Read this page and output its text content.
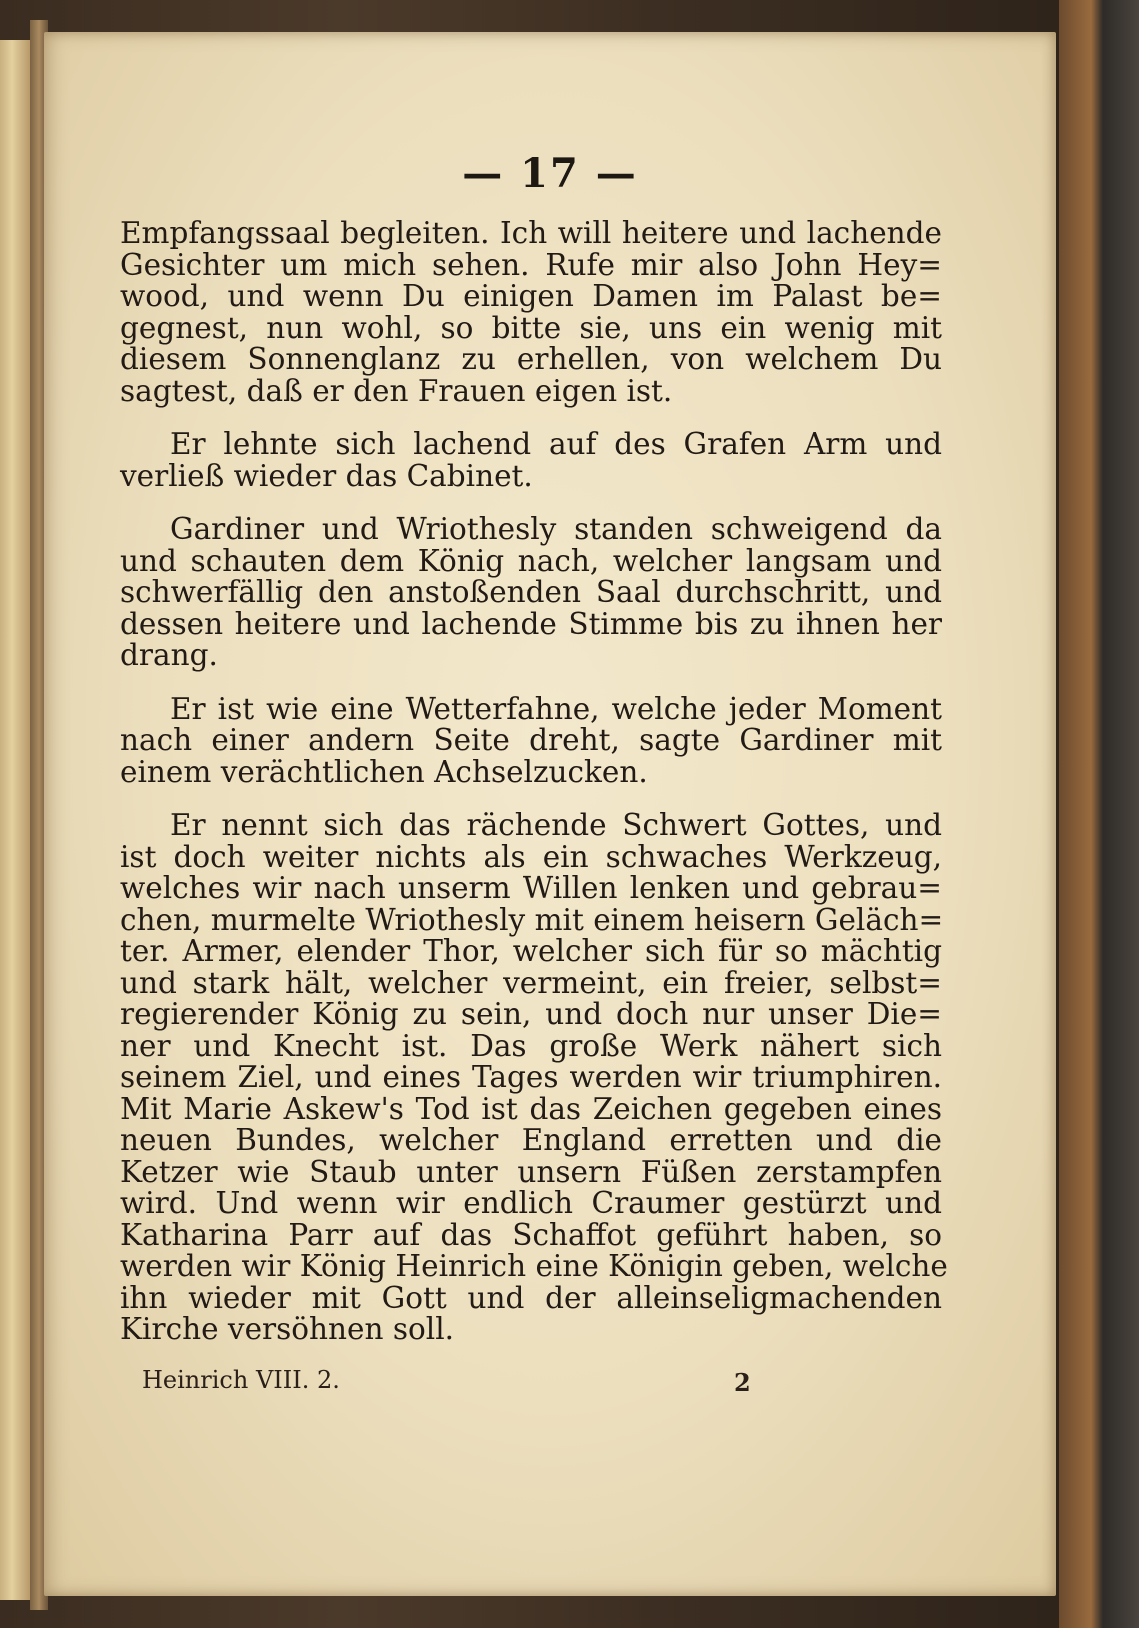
— 17 —
Empfangssaal begleiten. Ich will heitere und lachende
Gesichter um mich sehen. Rufe mir also John Hey=
wood, und wenn Du einigen Damen im Palast be=
gegnest, nun wohl, so bitte sie, uns ein wenig mit
diesem Sonnenglanz zu erhellen, von welchem Du
sagtest, daß er den Frauen eigen ist.
Er lehnte sich lachend auf des Grafen Arm und
verließ wieder das Cabinet.
Gardiner und Wriothesly standen schweigend da
und schauten dem König nach, welcher langsam und
schwerfällig den anstoßenden Saal durchschritt, und
dessen heitere und lachende Stimme bis zu ihnen her
drang.
Er ist wie eine Wetterfahne, welche jeder Moment
nach einer andern Seite dreht, sagte Gardiner mit
einem verächtlichen Achselzucken.
Er nennt sich das rächende Schwert Gottes, und
ist doch weiter nichts als ein schwaches Werkzeug,
welches wir nach unserm Willen lenken und gebrau=
chen, murmelte Wriothesly mit einem heisern Geläch=
ter. Armer, elender Thor, welcher sich für so mächtig
und stark hält, welcher vermeint, ein freier, selbst=
regierender König zu sein, und doch nur unser Die=
ner und Knecht ist. Das große Werk nähert sich
seinem Ziel, und eines Tages werden wir triumphiren.
Mit Marie Askew's Tod ist das Zeichen gegeben eines
neuen Bundes, welcher England erretten und die
Ketzer wie Staub unter unsern Füßen zerstampfen
wird. Und wenn wir endlich Craumer gestürzt und
Katharina Parr auf das Schaffot geführt haben, so
werden wir König Heinrich eine Königin geben, welche
ihn wieder mit Gott und der alleinseligmachenden
Kirche versöhnen soll.
Heinrich VIII. 2.	2
